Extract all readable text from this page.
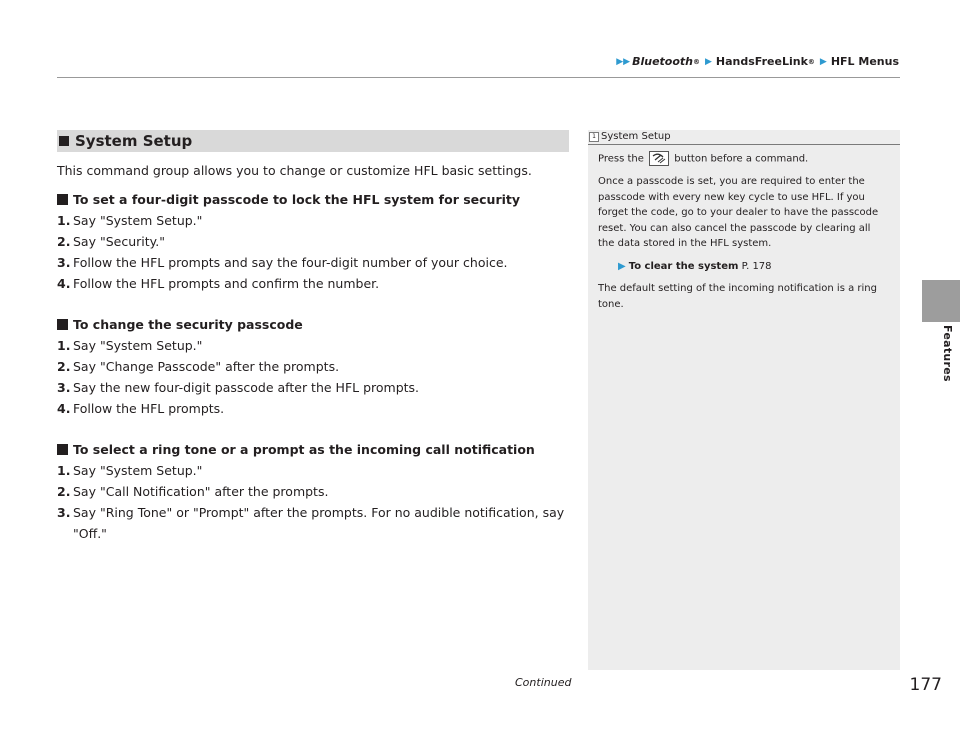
▶▶ Bluetooth ® ▶ HandsFreeLink ® ▶ HFL Menus
Features
System Setup

This command group allows you to change or customize HFL basic settings.

To set a four-digit passcode to lock the HFL system for security

1. Say "System Setup."
2. Say "Security."
3. Follow the HFL prompts and say the four-digit number of your choice.
4. Follow the HFL prompts and confirm the number.

To change the security passcode

1. Say "System Setup."
2. Say "Change Passcode" after the prompts.
3. Say the new four-digit passcode after the HFL prompts.
4. Follow the HFL prompts.

To select a ring tone or a prompt as the incoming call notification

1. Say "System Setup."
2. Say "Call Notification" after the prompts.
3. Say "Ring Tone" or "Prompt" after the prompts. For no audible notification, say "Off."
1 System Setup

Press the	button before a command.

Once a passcode is set, you are required to enter the passcode with every new key cycle to use HFL. If you forget the code, go to your dealer to have the passcode reset. You can also cancel the passcode by clearing all the data stored in the HFL system.

▶ To clear the system P. 178

The default setting of the incoming notification is a ring tone.

Continued	177
